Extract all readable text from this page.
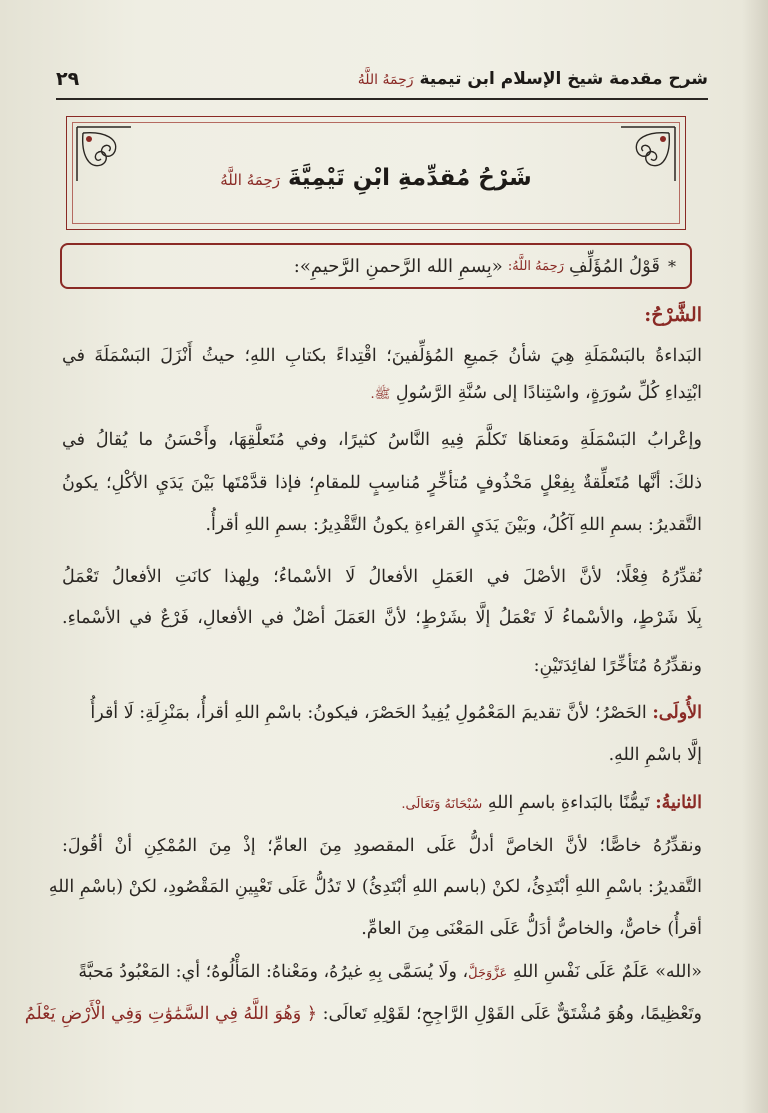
شرح مقدمة شيخ الإسلام ابن تيميةرَحِمَهُ اللَّهُ
٢٩
شَرْحُ مُقدِّمةِ ابْنِ تَيْمِيَّةَرَحِمَهُ اللَّهُ
*
قَوْلُ المُؤَلِّفِ
رَحِمَهُ اللَّهُ:
«بِسمِ الله الرَّحمنِ الرَّحيمِ»:
الشَّرْحُ:
البَداءةُ بالبَسْمَلَةِ هِيَ شأنُ جَميعِ المُؤلِّفينَ؛ اقْتِداءً بكتابِ اللهِ؛ حيثُ أَنْزَلَ البَسْمَلَةَ في
ابْتِداءِ كُلِّ سُورَةٍ، واسْتِنادًا إلى سُنَّةِ الرَّسُولِ ﷺ.
وإعْرابُ البَسْمَلَةِ ومَعناهَا تَكلَّمَ فِيهِ النَّاسُ كثيرًا، وفي مُتَعلَّقِهَا، وأَحْسَنُ ما يُقالُ في
ذلكَ: أنَّها مُتَعلِّقةٌ بِفِعْلٍ مَحْذُوفٍ مُتأخِّرٍ مُناسِبٍ للمقامِ؛ فإذا قدَّمْتَها بَيْنَ يَدَيِ الأكْلِ؛ يكونُ
التَّقديرُ: بسمِ اللهِ آكُلُ، وبَيْنَ يَدَيِ القراءةِ يكونُ التَّقْدِيرُ: بسمِ اللهِ أقرأُ.
نُقدِّرُهُ فِعْلًا؛ لأنَّ الأصْلَ في العَمَلِ الأفعالُ لَا الأسْماءُ؛ ولِهذا كانَتِ الأفعالُ تَعْمَلُ
بِلَا شَرْطٍ، والأسْماءُ لَا تَعْمَلُ إلَّا بشَرْطٍ؛ لأنَّ العَمَلَ أصْلٌ في الأفعالِ، فَرْعٌ في الأسْماءِ.
ونقدِّرُهُ مُتَأخِّرًا لفائِدَتَيْنِ:
الأُولَى: الحَصْرُ؛ لأنَّ تقديمَ المَعْمُولِ يُفِيدُ الحَصْرَ، فيكونُ: باسْمِ اللهِ أقرأُ، بمَنْزِلَةِ: لَا أقرأُ
إلَّا باسْمِ اللهِ.
الثانيةُ: تَيمُّنًا بالبَداءةِ باسمِ اللهِ سُبْحَانَهُ وَتَعَالَى.
ونقدِّرُهُ خاصًّا؛ لأنَّ الخاصَّ أدلُّ عَلَى المقصودِ مِنَ العامِّ؛ إذْ مِنَ المُمْكِنِ أنْ أقُولَ:
التَّقديرُ: باسْمِ اللهِ أبْتَدِئُ، لكنْ (باسم اللهِ أبْتَدِئُ) لا تَدُلُّ عَلَى تَعْيِينِ المَقْصُودِ، لكنْ (باسْمِ اللهِ
أقرأُ) خاصٌّ، والخاصُّ أدَلُّ عَلَى المَعْنَى مِنَ العامِّ.
«الله» عَلَمٌ عَلَى نَفْسِ اللهِ عَزَّوَجَلَّ، ولَا يُسَمَّى بِهِ غيرُهُ، ومَعْناهُ: المَأْلُوهُ؛ أي: المَعْبُودُ مَحبَّةً
وتَعْظِيمًا، وهُوَ مُشْتَقٌّ عَلَى القَوْلِ الرَّاجِحِ؛ لقَوْلِهِ تَعالَى: ﴿ وَهُوَ اللَّهُ فِي السَّمَٰوَٰتِ وَفِي الْأَرْضِ يَعْلَمُ
